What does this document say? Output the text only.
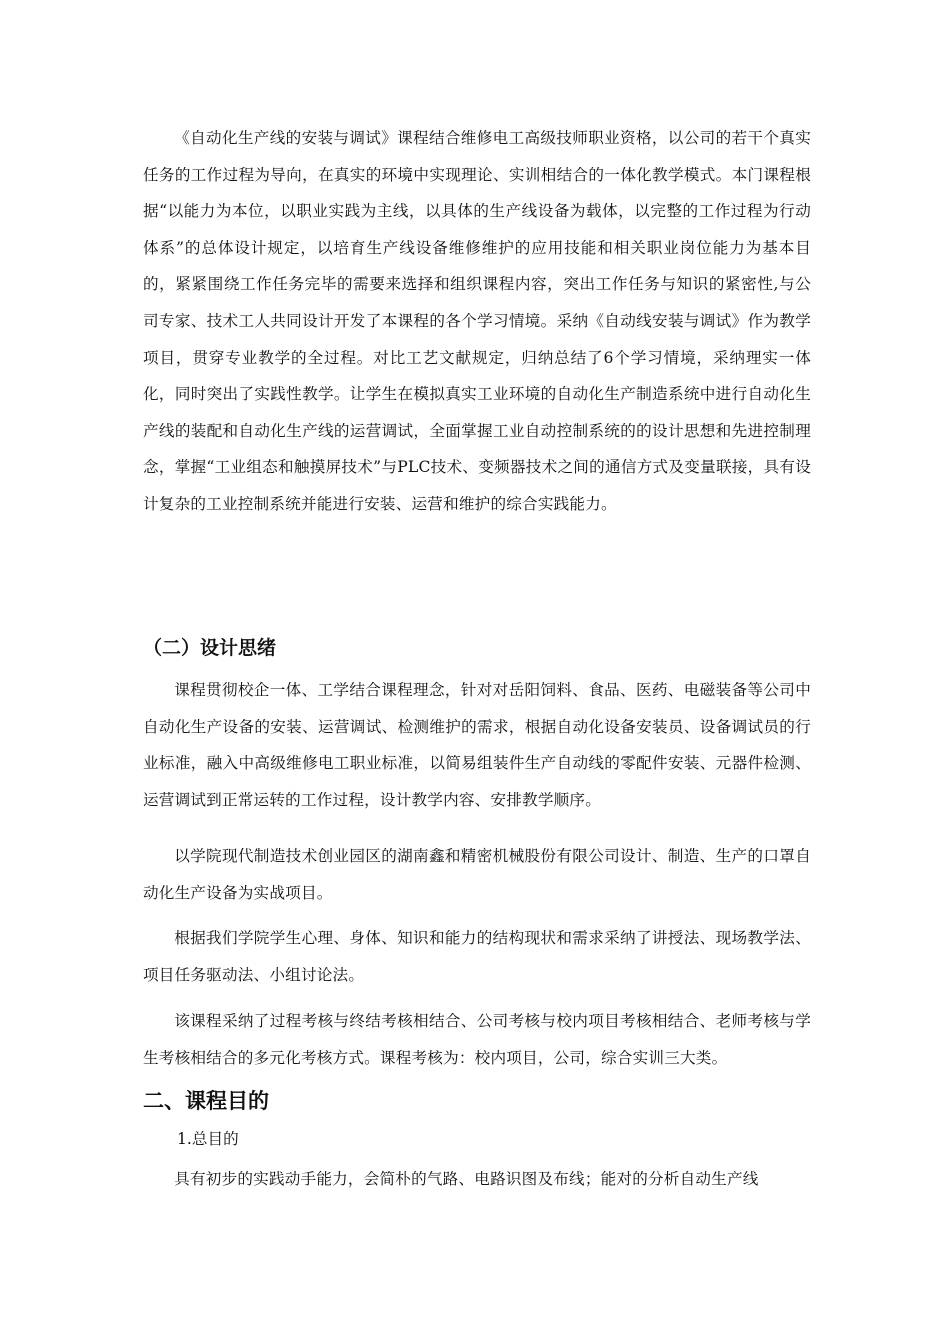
《自动化生产线的安装与调试》课程结合维修电工高级技师职业资格，以公司的若干个真实任务的工作过程为导向，在真实的环境中实现理论、实训相结合的一体化教学模式。本门课程根据“以能力为本位，以职业实践为主线，以具体的生产线设备为载体，以完整的工作过程为行动体系”的总体设计规定，以培育生产线设备维修维护的应用技能和相关职业岗位能力为基本目的，紧紧围绕工作任务完毕的需要来选择和组织课程内容，突出工作任务与知识的紧密性,与公司专家、技术工人共同设计开发了本课程的各个学习情境。采纳《自动线安装与调试》作为教学项目，贯穿专业教学的全过程。对比工艺文献规定，归纳总结了6个学习情境，采纳理实一体化，同时突出了实践性教学。让学生在模拟真实工业环境的自动化生产制造系统中进行自动化生产线的装配和自动化生产线的运营调试，全面掌握工业自动控制系统的的设计思想和先进控制理念，掌握“工业组态和触摸屏技术”与PLC技术、变频器技术之间的通信方式及变量联接，具有设计复杂的工业控制系统并能进行安装、运营和维护的综合实践能力。

（二）设计思绪

课程贯彻校企一体、工学结合课程理念，针对对岳阳饲料、食品、医药、电磁装备等公司中自动化生产设备的安装、运营调试、检测维护的需求，根据自动化设备安装员、设备调试员的行业标准，融入中高级维修电工职业标准，以简易组装件生产自动线的零配件安装、元器件检测、运营调试到正常运转的工作过程，设计教学内容、安排教学顺序。

以学院现代制造技术创业园区的湖南鑫和精密机械股份有限公司设计、制造、生产的口罩自动化生产设备为实战项目。

根据我们学院学生心理、身体、知识和能力的结构现状和需求采纳了讲授法、现场教学法、项目任务驱动法、小组讨论法。

该课程采纳了过程考核与终结考核相结合、公司考核与校内项目考核相结合、老师考核与学生考核相结合的多元化考核方式。课程考核为：校内项目，公司，综合实训三大类。

二、课程目的

1.总目的

具有初步的实践动手能力，会简朴的气路、电路识图及布线；能对的分析自动生产线
